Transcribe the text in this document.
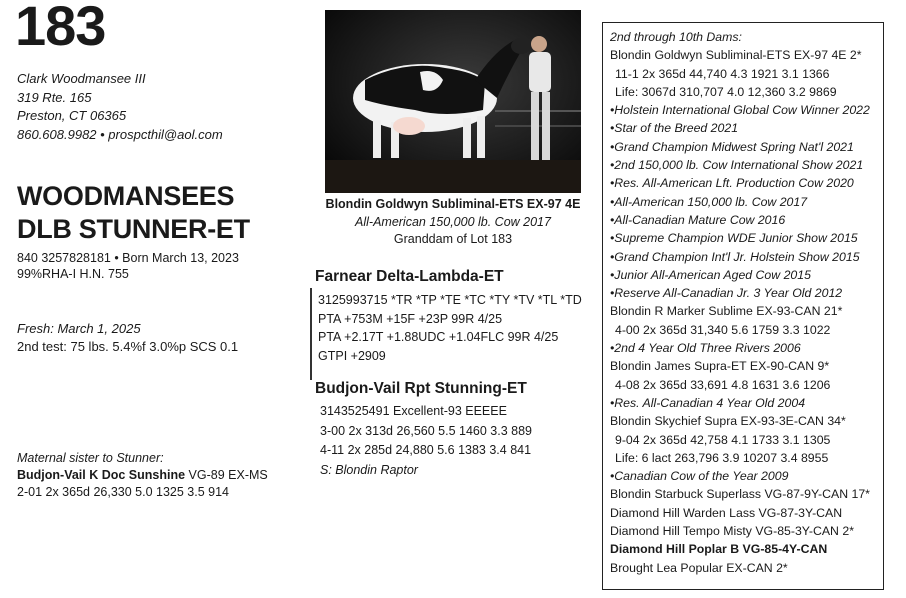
183
Clark Woodmansee III
319 Rte. 165
Preston, CT 06365
860.608.9982 • prospcthil@aol.com
WOODMANSEES
DLB STUNNER-ET
840 3257828181 • Born March 13, 2023
99%RHA-I H.N. 755
Fresh: March 1, 2025
2nd test: 75 lbs. 5.4%f 3.0%p SCS 0.1
Maternal sister to Stunner:
Budjon-Vail K Doc Sunshine VG-89 EX-MS
2-01 2x 365d 26,330 5.0 1325 3.5 914
Blondin Goldwyn Subliminal-ETS EX-97 4E
All-American 150,000 lb. Cow 2017
Granddam of Lot 183
Farnear Delta-Lambda-ET
3125993715 *TR *TP *TE *TC *TY *TV *TL *TD
PTA +753M +15F +23P 99R 4/25
PTA +2.17T +1.88UDC +1.04FLC 99R 4/25
GTPI +2909
Budjon-Vail Rpt Stunning-ET
3143525491 Excellent-93 EEEEE
3-00 2x 313d 26,560 5.5 1460 3.3 889
4-11 2x 285d 24,880 5.6 1383 3.4 841
S: Blondin Raptor
2nd through 10th Dams:
Blondin Goldwyn Subliminal-ETS EX-97 4E 2*
11-1 2x 365d 44,740 4.3 1921 3.1 1366
Life: 3067d 310,707 4.0 12,360 3.2 9869
•Holstein International Global Cow Winner 2022
•Star of the Breed 2021
•Grand Champion Midwest Spring Nat'l 2021
•2nd 150,000 lb. Cow International Show 2021
•Res. All-American Lft. Production Cow 2020
•All-American 150,000 lb. Cow 2017
•All-Canadian Mature Cow 2016
•Supreme Champion WDE Junior Show 2015
•Grand Champion Int'l Jr. Holstein Show 2015
•Junior All-American Aged Cow 2015
•Reserve All-Canadian Jr. 3 Year Old 2012
Blondin R Marker Sublime EX-93-CAN 21*
4-00 2x 365d 31,340 5.6 1759 3.3 1022
•2nd 4 Year Old Three Rivers 2006
Blondin James Supra-ET EX-90-CAN 9*
4-08 2x 365d 33,691 4.8 1631 3.6 1206
•Res. All-Canadian 4 Year Old 2004
Blondin Skychief Supra EX-93-3E-CAN 34*
9-04 2x 365d 42,758 4.1 1733 3.1 1305
Life: 6 lact 263,796 3.9 10207 3.4 8955
•Canadian Cow of the Year 2009
Blondin Starbuck Superlass VG-87-9Y-CAN 17*
Diamond Hill Warden Lass VG-87-3Y-CAN
Diamond Hill Tempo Misty VG-85-3Y-CAN 2*
Diamond Hill Poplar B VG-85-4Y-CAN
Brought Lea Popular EX-CAN 2*
